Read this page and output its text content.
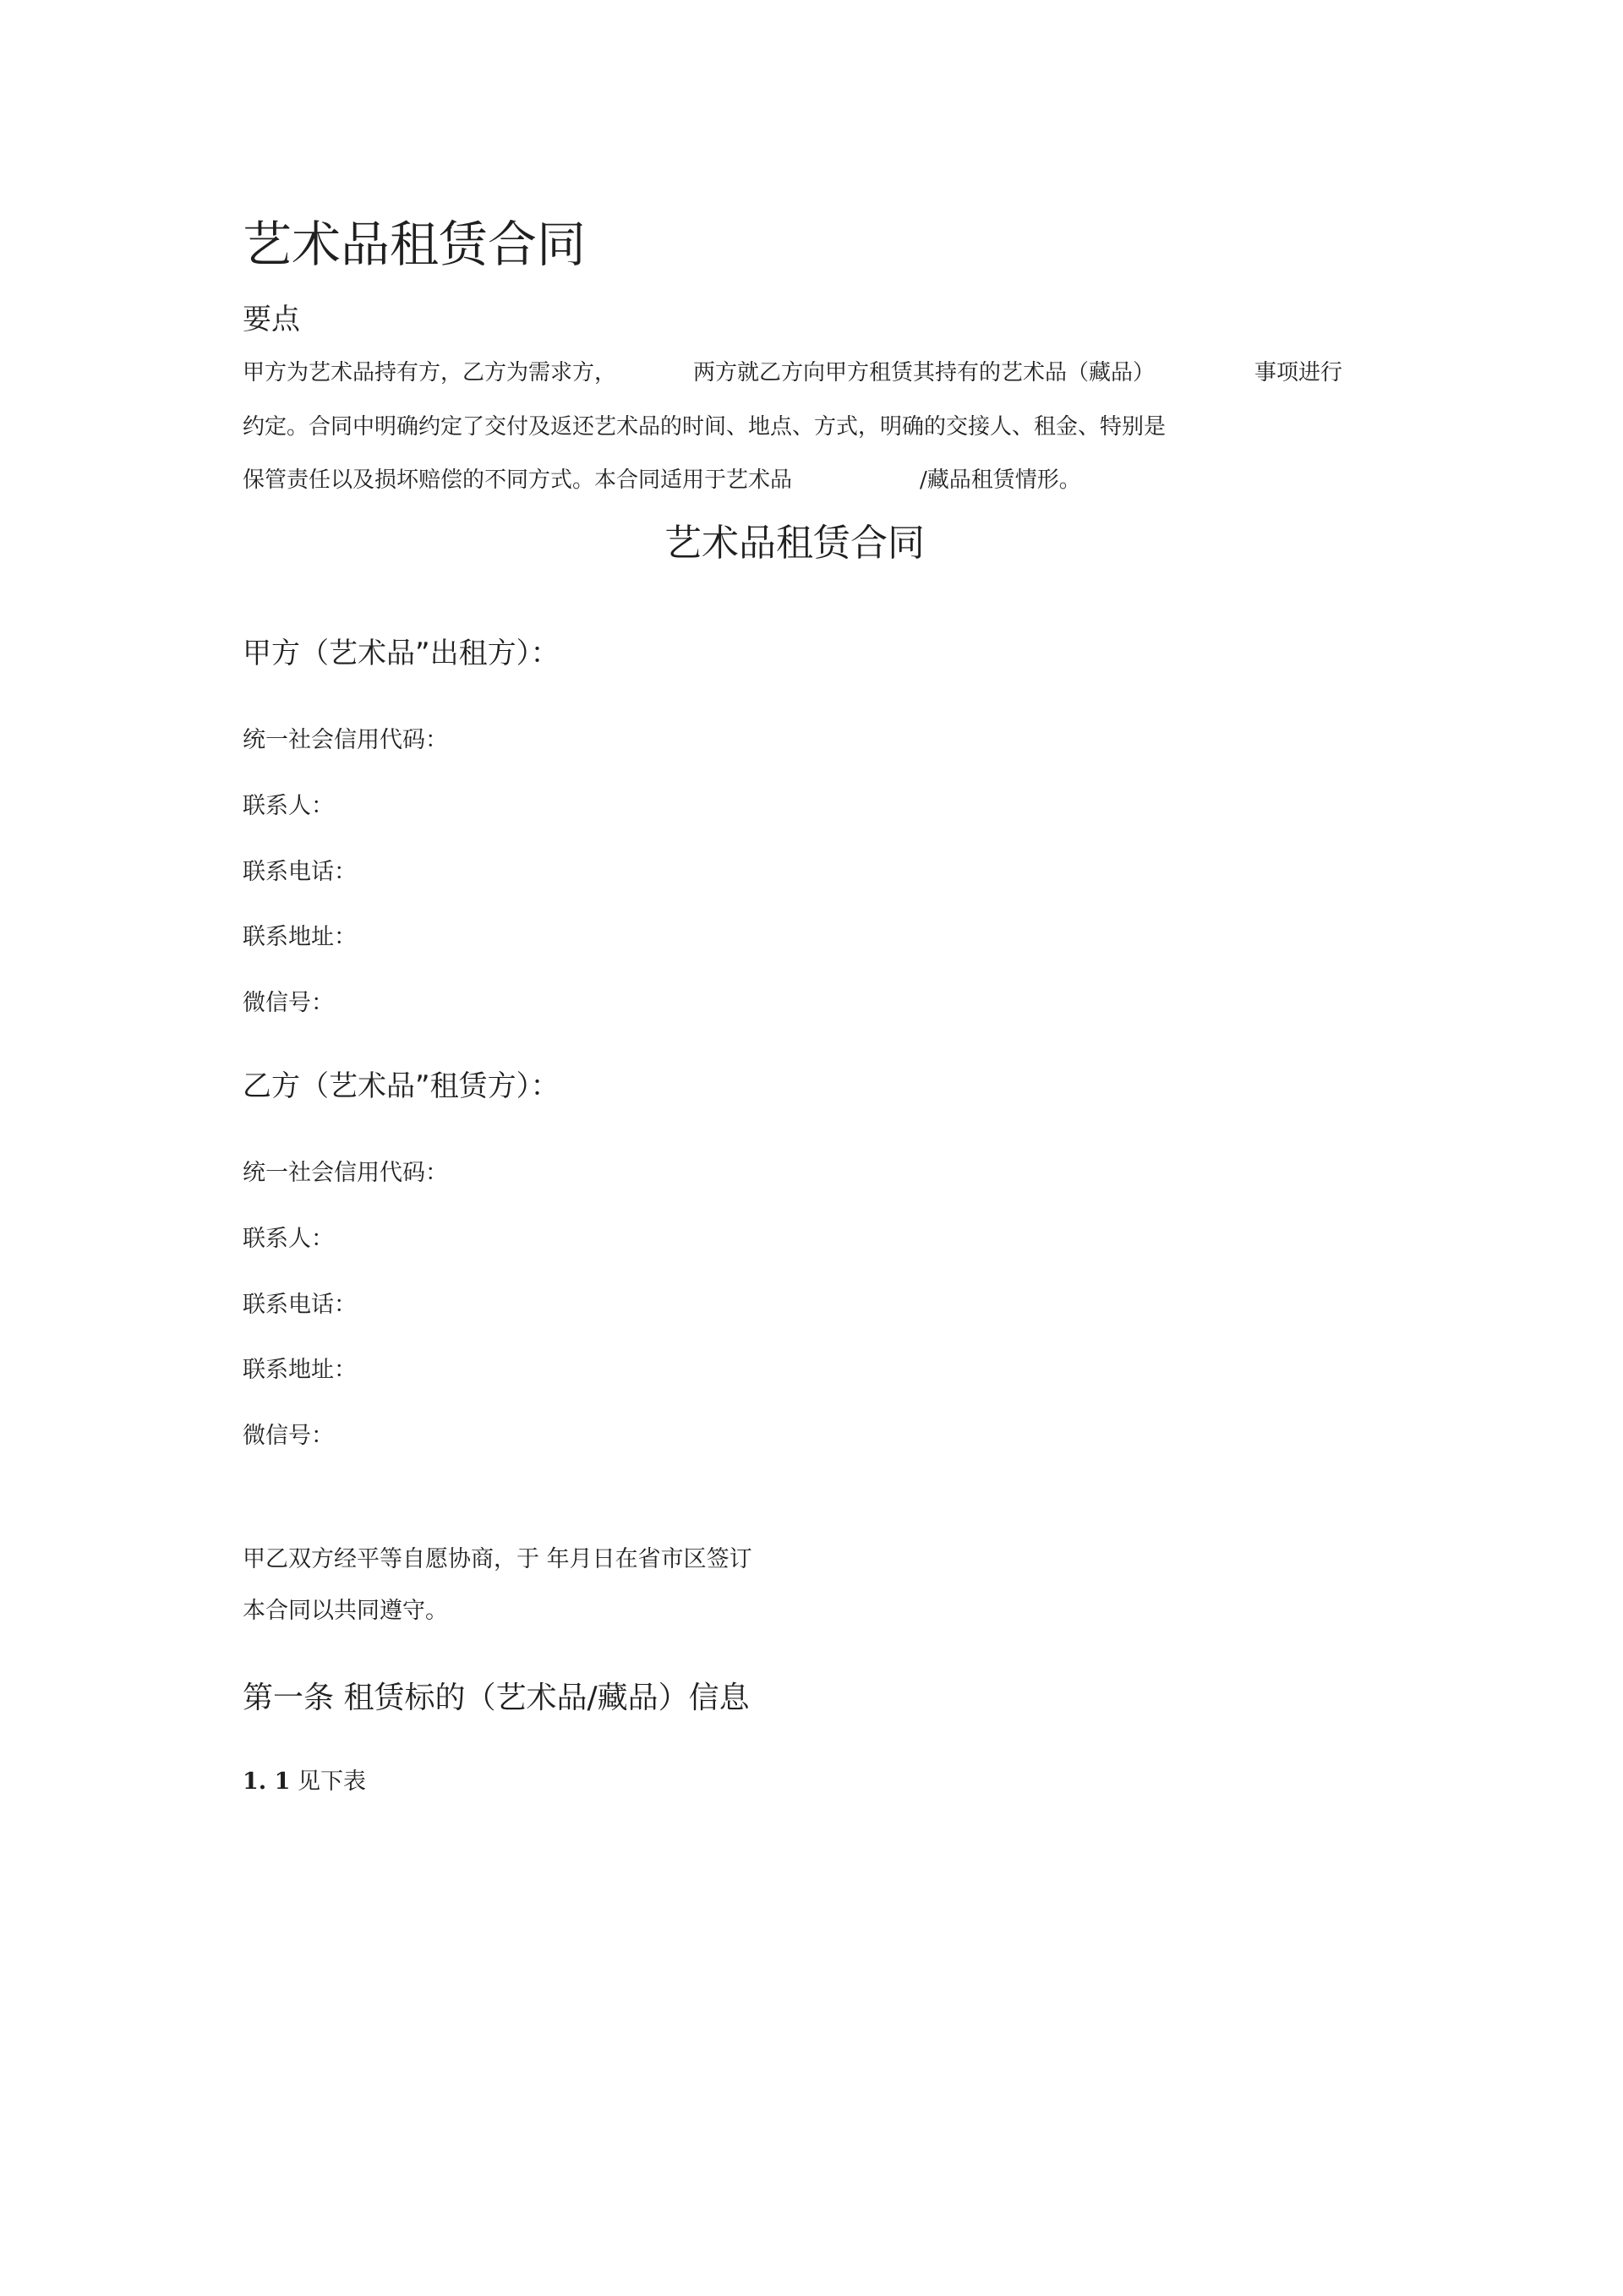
艺术品租赁合同
要点
甲方为艺术品持有方，乙方为需求方，	两方就乙方向甲方租赁其持有的艺术品（藏品）	事项进行
约定。合同中明确约定了交付及返还艺术品的时间、地点、方式，明确的交接人、租金、特别是
保管责任以及损坏赔偿的不同方式。本合同适用于艺术品	/藏品租赁情形。
艺术品租赁合同
甲方（艺术品”出租方）：
统一社会信用代码：
联系人：
联系电话：
联系地址：
微信号：
乙方（艺术品”租赁方）：
统一社会信用代码：
联系人：
联系电话：
联系地址：
微信号：
甲乙双方经平等自愿协商，于 年月日在省市区签订
本合同以共同遵守。
第一条 租赁标的（艺术品/藏品）信息
1. 1 见下表
